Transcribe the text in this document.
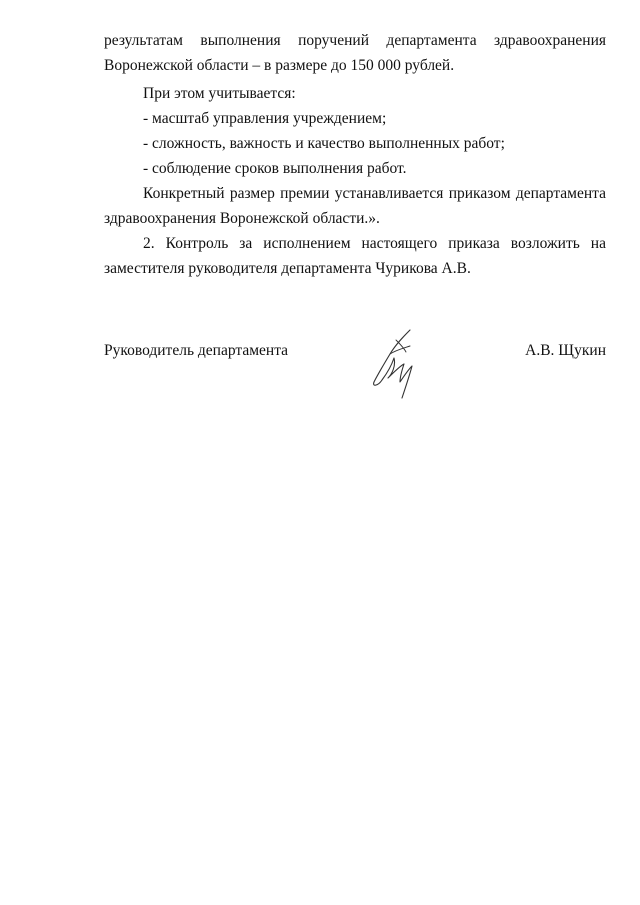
результатам выполнения поручений департамента здравоохранения

Воронежской области – в размере до 150 000 рублей.

При этом учитывается:

- масштаб управления учреждением;

- сложность, важность и качество выполненных работ;

- соблюдение сроков выполнения работ.

Конкретный размер премии устанавливается приказом департамента здравоохранения Воронежской области.».

2. Контроль за исполнением настоящего приказа возложить на заместителя руководителя департамента Чурикова А.В.

Руководитель департамента	А.В. Щукин
